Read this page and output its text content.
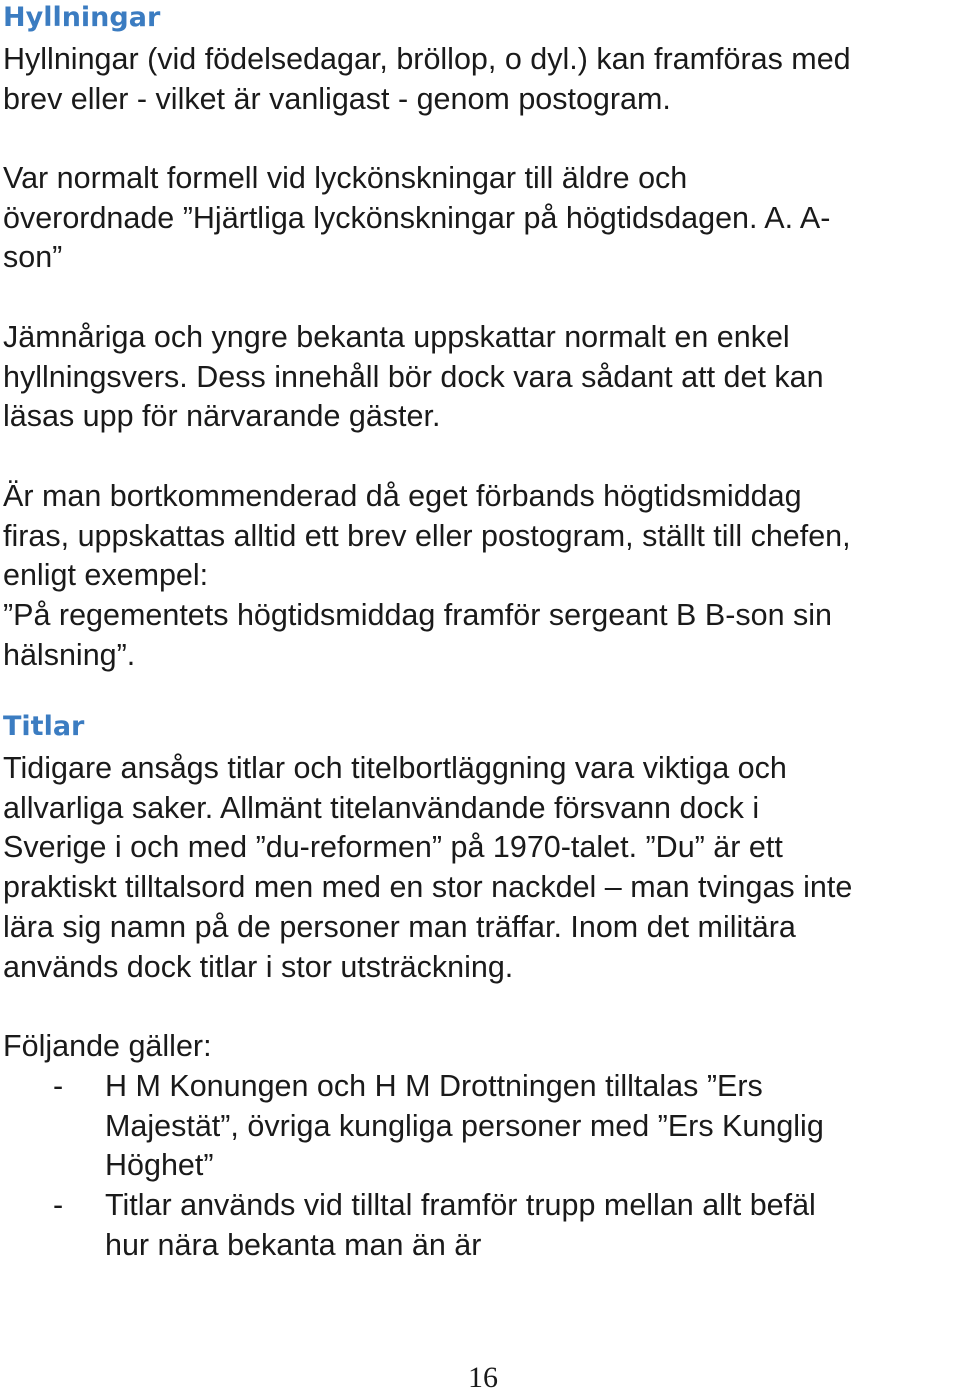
Hyllningar

Hyllningar (vid födelsedagar, bröllop, o dyl.) kan framföras med
brev eller - vilket är vanligast - genom postogram.

Var normalt formell vid lyckönskningar till äldre och
överordnade ”Hjärtliga lyckönskningar på högtidsdagen. A. A-
son”

Jämnåriga och yngre bekanta uppskattar normalt en enkel
hyllningsvers. Dess innehåll bör dock vara sådant att det kan
läsas upp för närvarande gäster.

Är man bortkommenderad då eget förbands högtidsmiddag
firas, uppskattas alltid ett brev eller postogram, ställt till chefen,
enligt exempel:
”På regementets högtidsmiddag framför sergeant B B-son sin
hälsning”.

Titlar

Tidigare ansågs titlar och titelbortläggning vara viktiga och
allvarliga saker. Allmänt titelanvändande försvann dock i
Sverige i och med ”du-reformen” på 1970-talet. ”Du” är ett
praktiskt tilltalsord men med en stor nackdel – man tvingas inte
lära sig namn på de personer man träffar. Inom det militära
används dock titlar i stor utsträckning.

Följande gäller:

- H M Konungen och H M Drottningen tilltalas ”Ers
Majestät”, övriga kungliga personer med ”Ers Kunglig
Höghet”
- Titlar används vid tilltal framför trupp mellan allt befäl
hur nära bekanta man än är
16
